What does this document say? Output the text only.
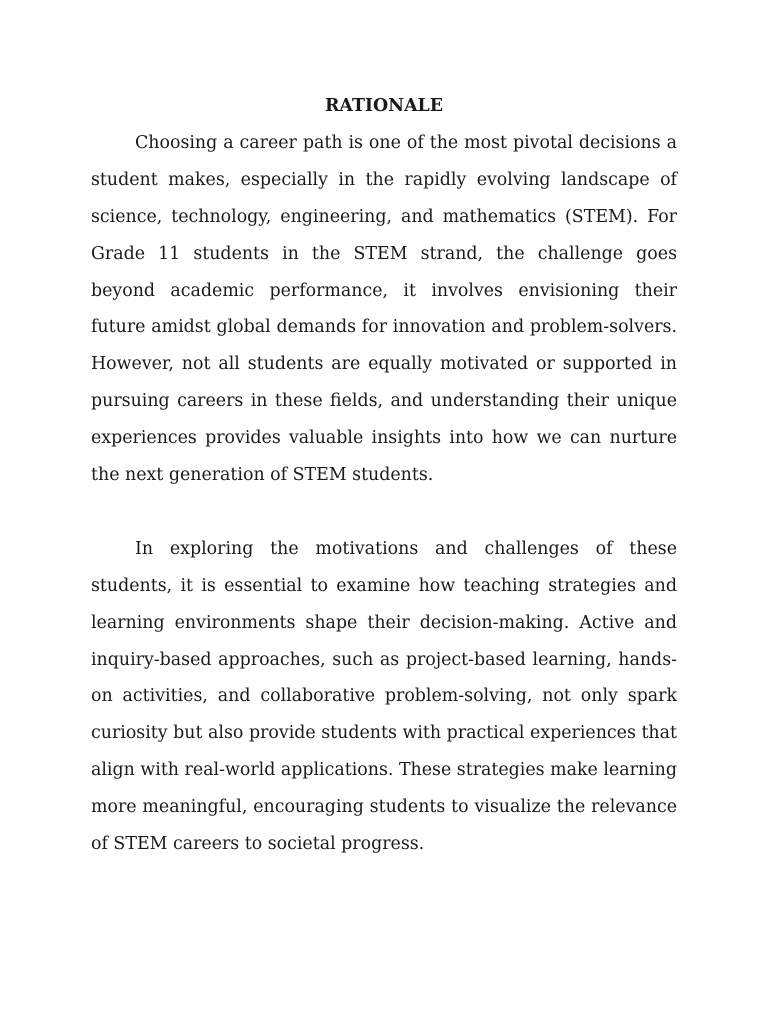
RATIONALE

Choosing a career path is one of the most pivotal decisions a student makes, especially in the rapidly evolving landscape of science, technology, engineering, and mathematics (STEM). For Grade 11 students in the STEM strand, the challenge goes beyond academic performance, it involves envisioning their future amidst global demands for innovation and problem-solvers. However, not all students are equally motivated or supported in pursuing careers in these fields, and understanding their unique experiences provides valuable insights into how we can nurture the next generation of STEM students.

In exploring the motivations and challenges of these students, it is essential to examine how teaching strategies and learning environments shape their decision-making. Active and inquiry-based approaches, such as project-based learning, hands-on activities, and collaborative problem-solving, not only spark curiosity but also provide students with practical experiences that align with real-world applications. These strategies make learning more meaningful, encouraging students to visualize the relevance of STEM careers to societal progress.
